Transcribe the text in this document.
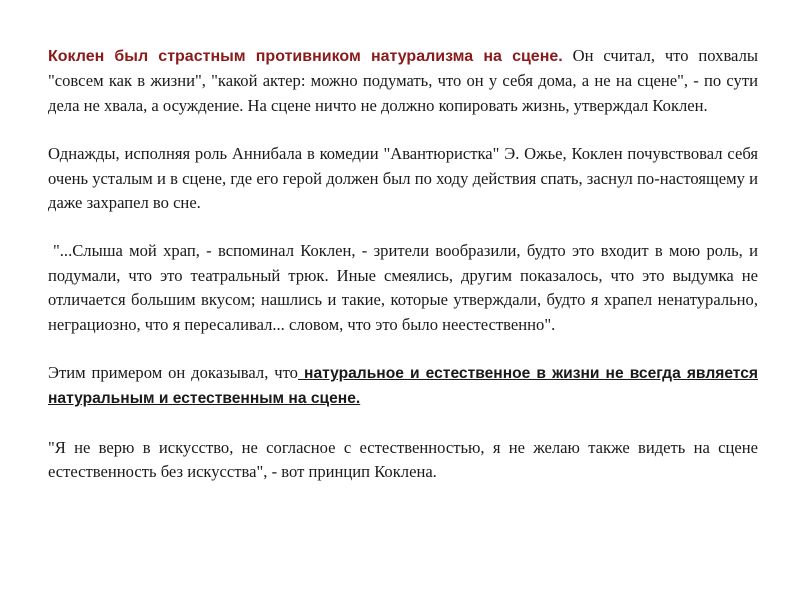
Коклен был страстным противником натурализма на сцене. Он считал, что похвалы "совсем как в жизни", "какой актер: можно подумать, что он у себя дома, а не на сцене", - по сути дела не хвала, а осуждение. На сцене ничто не должно копировать жизнь, утверждал Коклен.

Однажды, исполняя роль Аннибала в комедии "Авантюристка" Э. Ожье, Коклен почувствовал себя очень усталым и в сцене, где его герой должен был по ходу действия спать, заснул по-настоящему и даже захрапел во сне.

"...Слыша мой храп, - вспоминал Коклен, - зрители вообразили, будто это входит в мою роль, и подумали, что это театральный трюк. Иные смеялись, другим показалось, что это выдумка не отличается большим вкусом; нашлись и такие, которые утверждали, будто я храпел ненатурально, неграциозно, что я пересаливал... словом, что это было неестественно".

Этим примером он доказывал, что натуральное и естественное в жизни не всегда является натуральным и естественным на сцене.

"Я не верю в искусство, не согласное с естественностью, я не желаю также видеть на сцене естественность без искусства", - вот принцип Коклена.
